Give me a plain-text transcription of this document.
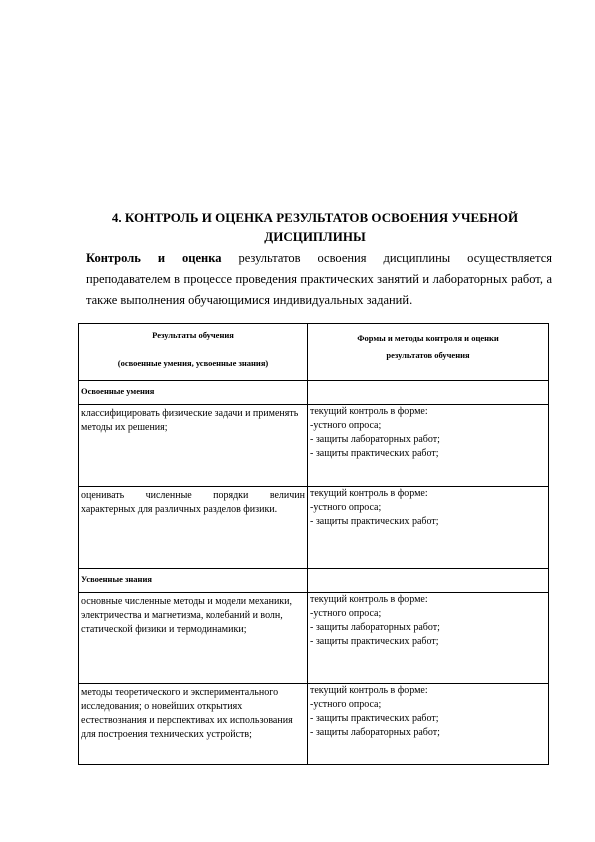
4. КОНТРОЛЬ И ОЦЕНКА РЕЗУЛЬТАТОВ ОСВОЕНИЯ УЧЕБНОЙ
ДИСЦИПЛИНЫ
Контроль и оценка результатов освоения дисциплины осуществляется преподавателем в процессе проведения практических занятий и лабораторных работ, а также выполнения обучающимися индивидуальных заданий.
Результаты обучения
(освоенные умения, усвоенные знания)	Формы и методы контроля и оценки
результатов обучения

Освоенные умения	

классифицировать физические задачи и применять методы их решения;	текущий контроль в форме:
-устного опроса;
- защиты лабораторных работ;
- защиты практических работ;

оценивать численные порядки величин характерных для различных разделов физики.	текущий контроль в форме:
-устного опроса;
- защиты практических работ;

Усвоенные знания	

основные численные методы и модели механики, электричества и магнетизма, колебаний и волн, статической физики и термодинамики;	текущий контроль в форме:
-устного опроса;
- защиты лабораторных работ;
- защиты практических работ;

методы теоретического и экспериментального исследования; о новейших открытиях естествознания и перспективах их использования для построения технических устройств;	текущий контроль в форме:
-устного опроса;
- защиты практических работ;
- защиты лабораторных работ;
